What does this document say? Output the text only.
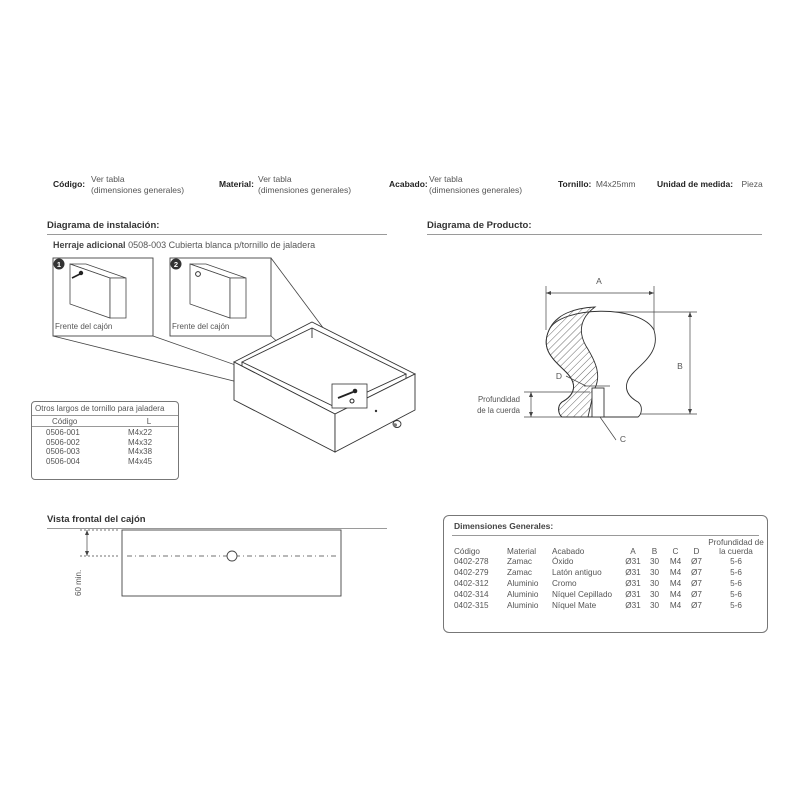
Código: Ver tabla
(dimensiones generales)
Material: Ver tabla
(dimensiones generales)
Acabado: Ver tabla
(dimensiones generales)
Tornillo: M4x25mm	Unidad de medida: Pieza
Diagrama de instalación:	Diagrama de Producto:
Herraje adicional 0508-003 Cubierta blanca p/tornillo de jaladera
1
Frente del cajón
2
Frente del cajón
Otros largos de tornillo para jaladera
Código	L
0506-001	M4x22
0506-002	M4x32
0506-003	M4x38
0506-004	M4x45
A
B
D
Profundidad
de la cuerda
C
Vista frontal del cajón
60 min.
Dimensiones Generales:
Código	Material	Acabado	A	B	C	D	Profundidad de la cuerda
0402-278	Zamac	Óxido	Ø31	30	M4	Ø7	5-6
0402-279	Zamac	Latón antiguo	Ø31	30	M4	Ø7	5-6
0402-312	Aluminio	Cromo	Ø31	30	M4	Ø7	5-6
0402-314	Aluminio	Níquel Cepillado	Ø31	30	M4	Ø7	5-6
0402-315	Aluminio	Níquel Mate	Ø31	30	M4	Ø7	5-6
